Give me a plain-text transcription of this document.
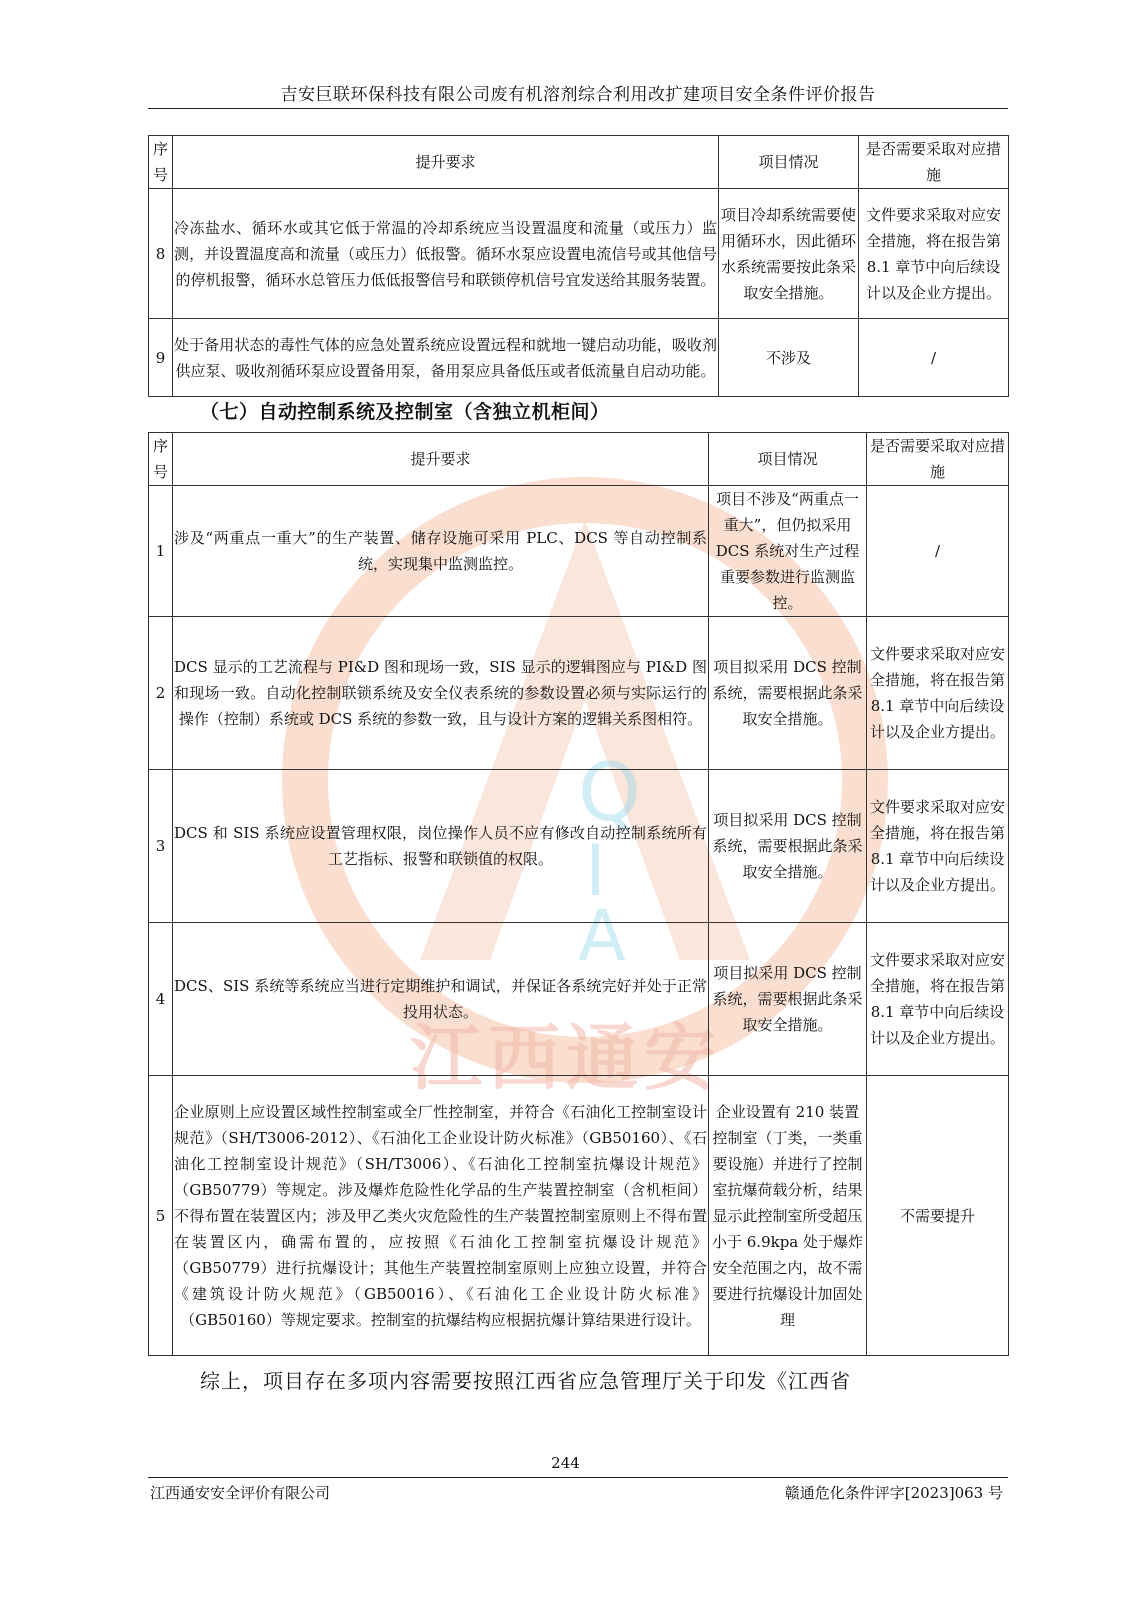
Q
I
A
江西通安
吉安巨联环保科技有限公司废有机溶剂综合利用改扩建项目安全条件评价报告
序号	提升要求	项目情况	是否需要采取对应措施
8	冷冻盐水、循环水或其它低于常温的冷却系统应当设置温度和流量（或压力）监测，并设置温度高和流量（或压力）低报警。循环水泵应设置电流信号或其他信号的停机报警，循环水总管压力低低报警信号和联锁停机信号宜发送给其服务装置。	项目冷却系统需要使用循环水，因此循环水系统需要按此条采取安全措施。	文件要求采取对应安全措施，将在报告第 8.1 章节中向后续设计以及企业方提出。
9	处于备用状态的毒性气体的应急处置系统应设置远程和就地一键启动功能，吸收剂供应泵、吸收剂循环泵应设置备用泵，备用泵应具备低压或者低流量自启动功能。	不涉及	/
（七）自动控制系统及控制室（含独立机柜间）
序号	提升要求	项目情况	是否需要采取对应措施
1	涉及“两重点一重大”的生产装置、储存设施可采用 PLC、DCS 等自动控制系统，实现集中监测监控。	项目不涉及“两重点一重大”，但仍拟采用 DCS 系统对生产过程重要参数进行监测监控。	/
2	DCS 显示的工艺流程与 PI&D 图和现场一致，SIS 显示的逻辑图应与 PI&D 图和现场一致。自动化控制联锁系统及安全仪表系统的参数设置必须与实际运行的操作（控制）系统或 DCS 系统的参数一致，且与设计方案的逻辑关系图相符。	项目拟采用 DCS 控制系统，需要根据此条采取安全措施。	文件要求采取对应安全措施，将在报告第 8.1 章节中向后续设计以及企业方提出。
3	DCS 和 SIS 系统应设置管理权限，岗位操作人员不应有修改自动控制系统所有工艺指标、报警和联锁值的权限。	项目拟采用 DCS 控制系统，需要根据此条采取安全措施。	文件要求采取对应安全措施，将在报告第 8.1 章节中向后续设计以及企业方提出。
4	DCS、SIS 系统等系统应当进行定期维护和调试，并保证各系统完好并处于正常投用状态。	项目拟采用 DCS 控制系统，需要根据此条采取安全措施。	文件要求采取对应安全措施，将在报告第 8.1 章节中向后续设计以及企业方提出。
5	企业原则上应设置区域性控制室或全厂性控制室，并符合《石油化工控制室设计规范》（SH/T3006-2012）、《石油化工企业设计防火标准》（GB50160）、《石油化工控制室设计规范》（SH/T3006）、《石油化工控制室抗爆设计规范》（GB50779）等规定。涉及爆炸危险性化学品的生产装置控制室（含机柜间）不得布置在装置区内；涉及甲乙类火灾危险性的生产装置控制室原则上不得布置在装置区内，确需布置的，应按照《石油化工控制室抗爆设计规范》（GB50779）进行抗爆设计；其他生产装置控制室原则上应独立设置，并符合《建筑设计防火规范》（GB50016）、《石油化工企业设计防火标准》（GB50160）等规定要求。控制室的抗爆结构应根据抗爆计算结果进行设计。	企业设置有 210 装置控制室（丁类，一类重要设施）并进行了控制室抗爆荷载分析，结果显示此控制室所受超压小于 6.9kpa 处于爆炸安全范围之内，故不需要进行抗爆设计加固处理	不需要提升
综上，项目存在多项内容需要按照江西省应急管理厅关于印发《江西省
244
江西通安安全评价有限公司	赣通危化条件评字[2023]063 号
